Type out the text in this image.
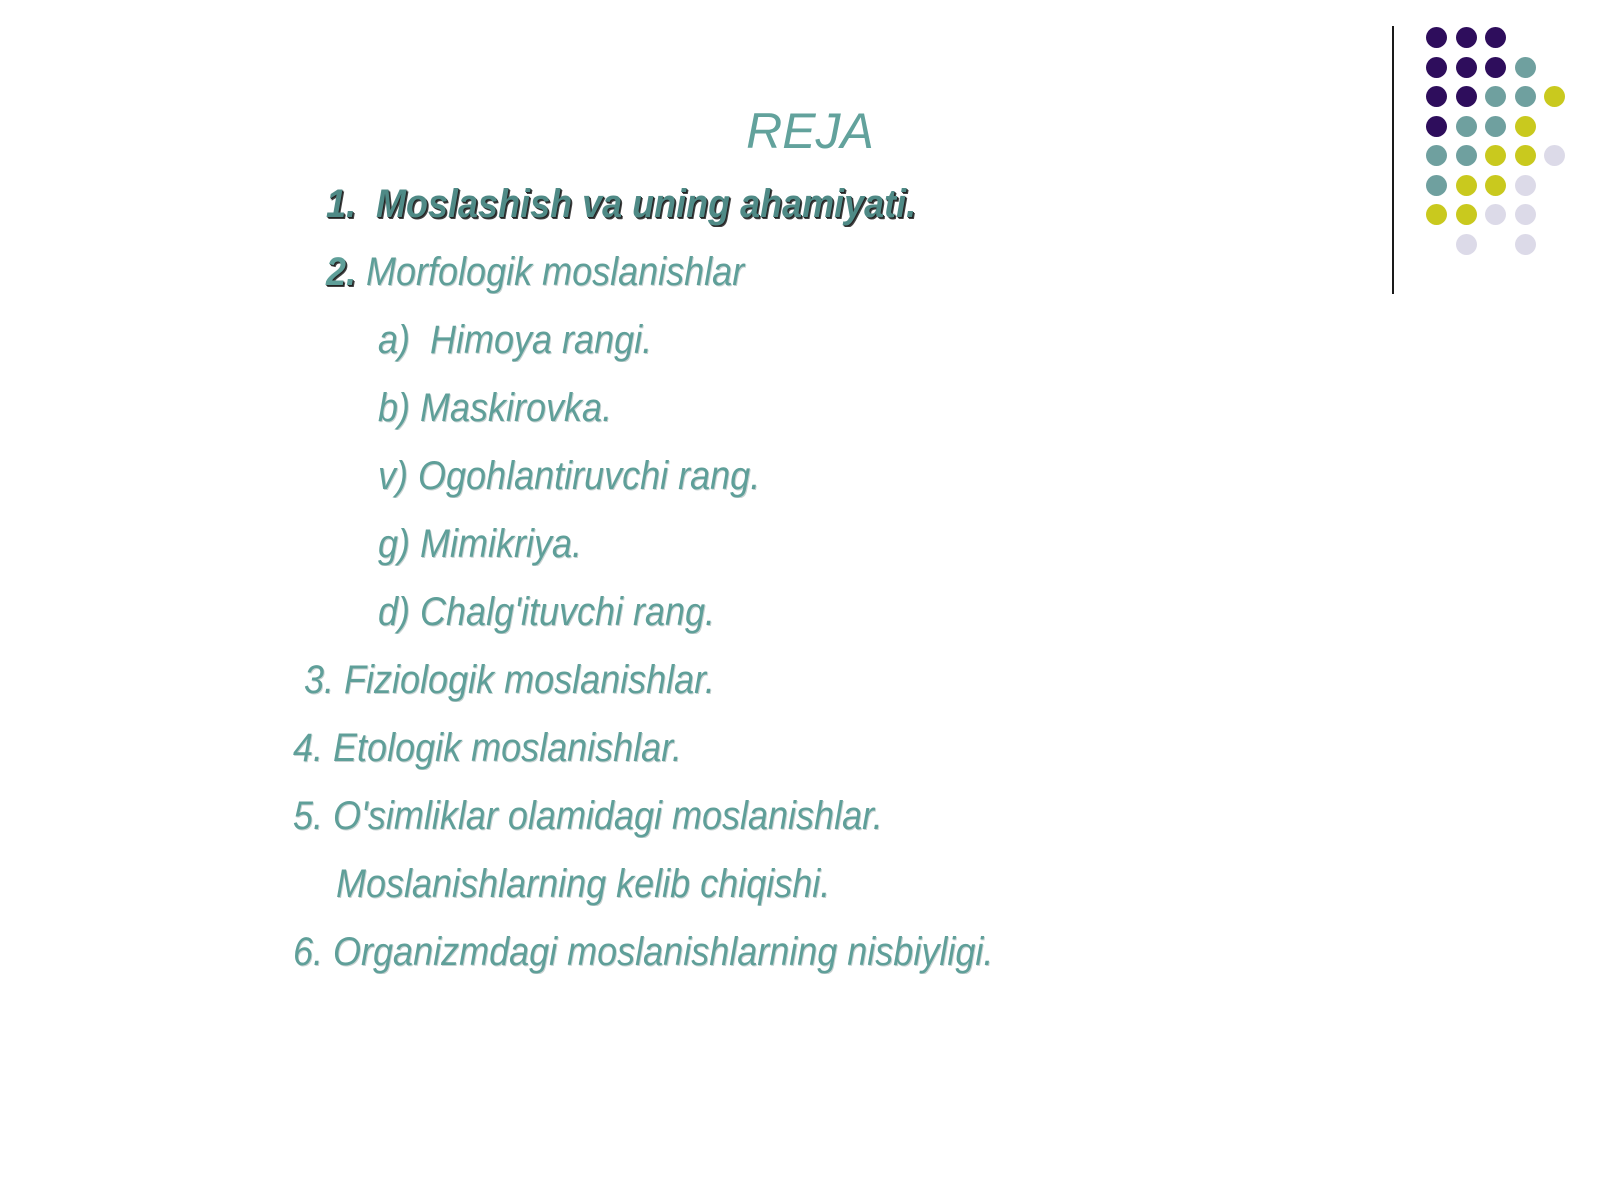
REJA
1. Moslashish va uning ahamiyati.
2. Morfologik moslanishlar
a) Himoya rangi.
b) Maskirovka.
v) Ogohlantiruvchi rang.
g) Mimikriya.
d) Chalg'ituvchi rang.
3. Fiziologik moslanishlar.
4. Etologik moslanishlar.
5. O'simliklar olamidagi moslanishlar.
Moslanishlarning kelib chiqishi.
6. Organizmdagi moslanishlarning nisbiyligi.
